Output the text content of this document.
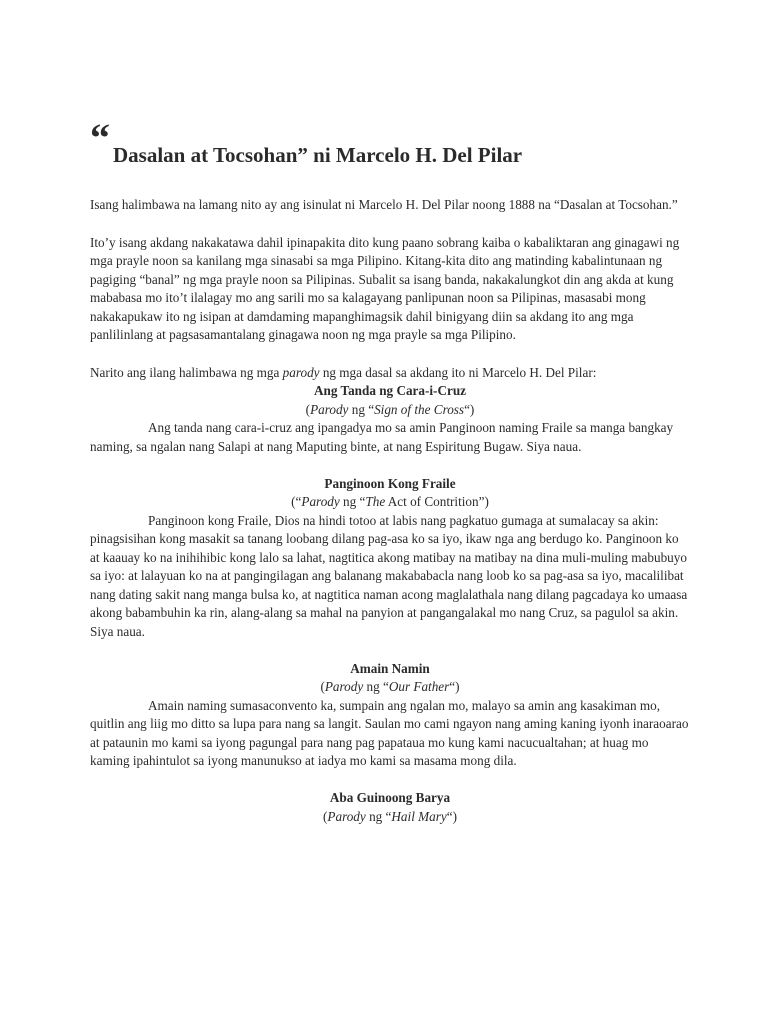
“ Dasalan at Tocsohan” ni Marcelo H. Del Pilar

Isang halimbawa na lamang nito ay ang isinulat ni Marcelo H. Del Pilar noong 1888 na “Dasalan at Tocsohan.”

Ito’y isang akdang nakakatawa dahil ipinapakita dito kung paano sobrang kaiba o kabaliktaran ang ginagawi ng mga prayle noon sa kanilang mga sinasabi sa mga Pilipino. Kitang-kita dito ang matinding kabalintunaan ng pagiging “banal” ng mga prayle noon sa Pilipinas. Subalit sa isang banda, nakakalungkot din ang akda at kung mababasa mo ito’t ilalagay mo ang sarili mo sa kalagayang panlipunan noon sa Pilipinas, masasabi mong nakakapukaw ito ng isipan at damdaming mapanghimagsik dahil binigyang diin sa akdang ito ang mga panlilinlang at pagsasamantalang ginagawa noon ng mga prayle sa mga Pilipino.

Narito ang ilang halimbawa ng mga parody ng mga dasal sa akdang ito ni Marcelo H. Del Pilar:

Ang Tanda ng Cara-i-Cruz

(Parody ng “Sign of the Cross“)

Ang tanda nang cara-i-cruz ang ipangadya mo sa amin Panginoon naming Fraile sa manga bangkay naming, sa ngalan nang Salapi at nang Maputing binte, at nang Espiritung Bugaw. Siya naua.

Panginoon Kong Fraile

(“Parody ng “The Act of Contrition”)

Panginoon kong Fraile, Dios na hindi totoo at labis nang pagkatuo gumaga at sumalacay sa akin: pinagsisihan kong masakit sa tanang loobang dilang pag-asa ko sa iyo, ikaw nga ang berdugo ko. Panginoon ko at kaauay ko na inihihibic kong lalo sa lahat, nagtitica akong matibay na matibay na dina muli-muling mabubuyo sa iyo: at lalayuan ko na at pangingilagan ang balanang makababacla nang loob ko sa pag-asa sa iyo, macalilibat nang dating sakit nang manga bulsa ko, at nagtitica naman acong maglalathala nang dilang pagcadaya ko umaasa akong babambuhin ka rin, alang-alang sa mahal na panyion at pangangalakal mo nang Cruz, sa pagulol sa akin. Siya naua.

Amain Namin

(Parody ng “Our Father“)

Amain naming sumasaconvento ka, sumpain ang ngalan mo, malayo sa amin ang kasakiman mo, quitlin ang liig mo ditto sa lupa para nang sa langit. Saulan mo cami ngayon nang aming kaning iyonh inaraoarao at pataunin mo kami sa iyong pagungal para nang pag papataua mo kung kami nacucualtahan; at huag mo kaming ipahintulot sa iyong manunukso at iadya mo kami sa masama mong dila.

Aba Guinoong Barya

(Parody ng “Hail Mary“)
